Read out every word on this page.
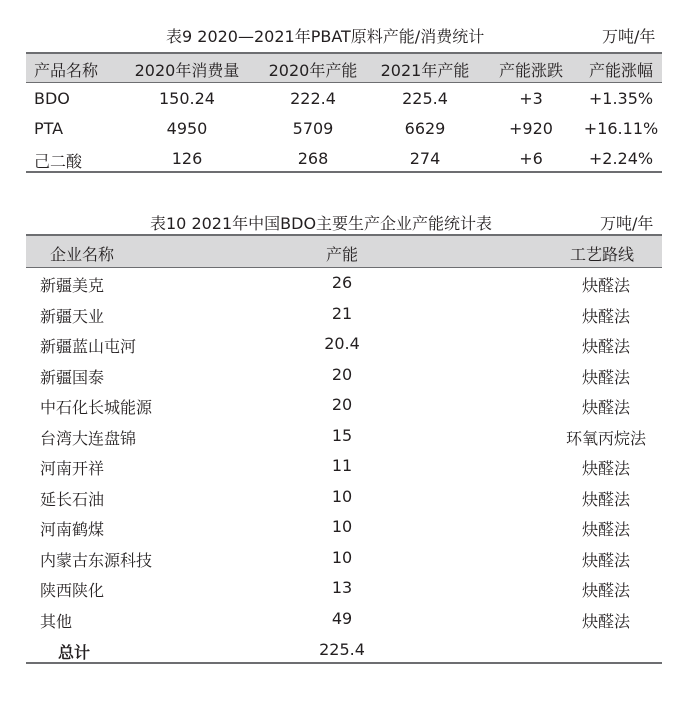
表9 2020—2021年PBAT原料产能/消费统计	万吨/年
产品名称	2020年消费量	2020年产能	2021年产能	产能涨跌	产能涨幅
BDO	150.24	222.4	225.4	+3	+1.35%
PTA	4950	5709	6629	+920	+16.11%
己二酸	126	268	274	+6	+2.24%
表10 2021年中国BDO主要生产企业产能统计表	万吨/年
企业名称	产能	工艺路线
新疆美克	26	炔醛法
新疆天业	21	炔醛法
新疆蓝山屯河	20.4	炔醛法
新疆国泰	20	炔醛法
中石化长城能源	20	炔醛法
台湾大连盘锦	15	环氧丙烷法
河南开祥	11	炔醛法
延长石油	10	炔醛法
河南鹤煤	10	炔醛法
内蒙古东源科技	10	炔醛法
陕西陕化	13	炔醛法
其他	49	炔醛法
总计	225.4
